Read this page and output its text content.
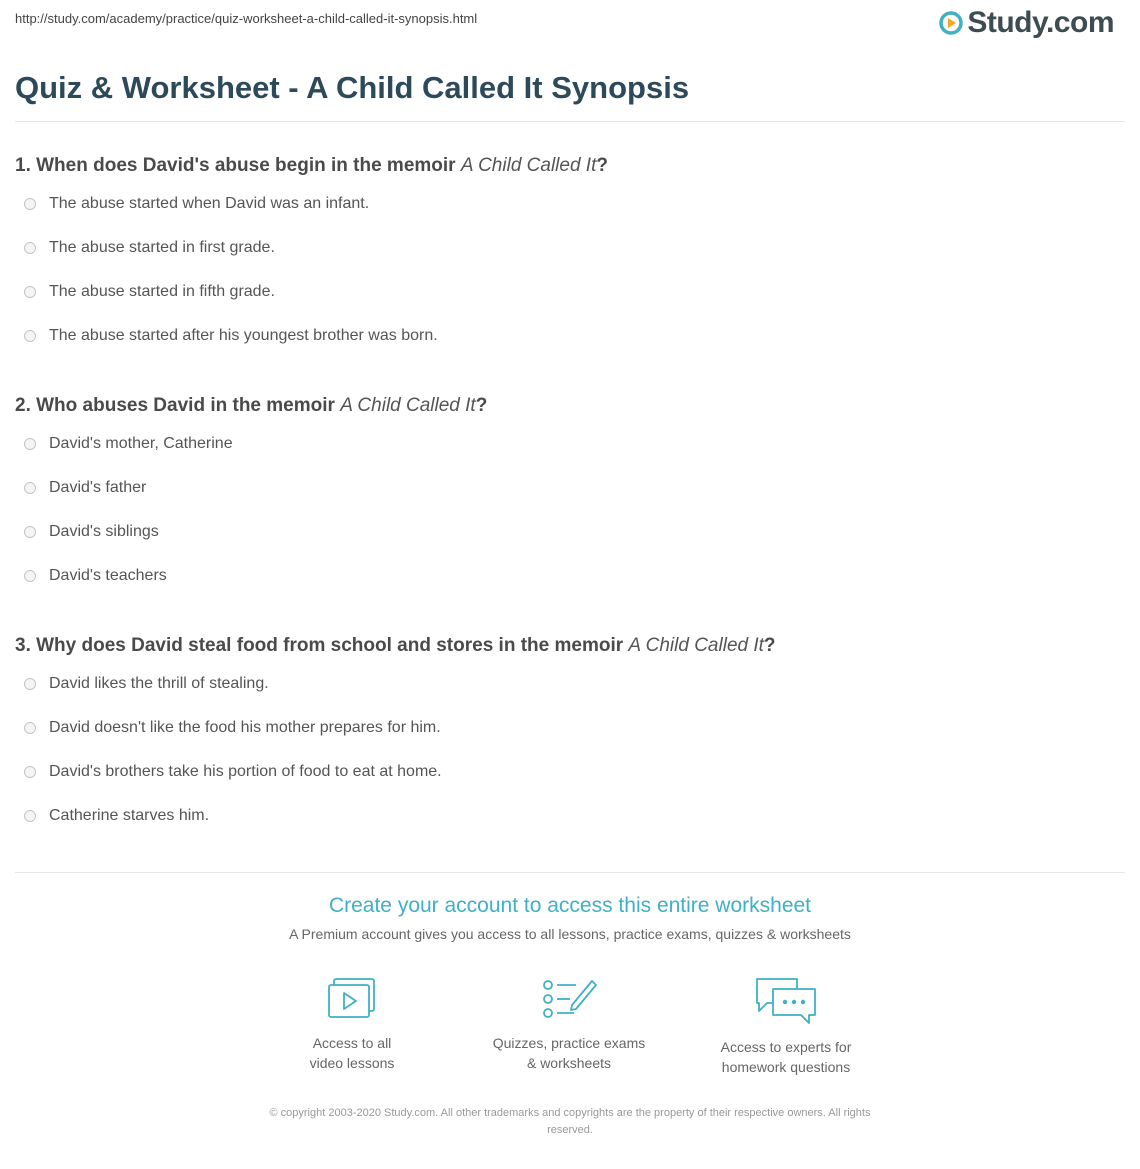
http://study.com/academy/practice/quiz-worksheet-a-child-called-it-synopsis.html	Study.com
Quiz & Worksheet - A Child Called It Synopsis

1. When does David's abuse begin in the memoir A Child Called It?

The abuse started when David was an infant.
The abuse started in first grade.
The abuse started in fifth grade.
The abuse started after his youngest brother was born.

2. Who abuses David in the memoir A Child Called It?

David's mother, Catherine
David's father
David's siblings
David's teachers

3. Why does David steal food from school and stores in the memoir A Child Called It?

David likes the thrill of stealing.
David doesn't like the food his mother prepares for him.
David's brothers take his portion of food to eat at home.
Catherine starves him.
Create your account to access this entire worksheet
A Premium account gives you access to all lessons, practice exams, quizzes & worksheets
Access to all
video lessons
Quizzes, practice exams
& worksheets
Access to experts for
homework questions
© copyright 2003-2020 Study.com. All other trademarks and copyrights are the property of their respective owners. All rights
reserved.
